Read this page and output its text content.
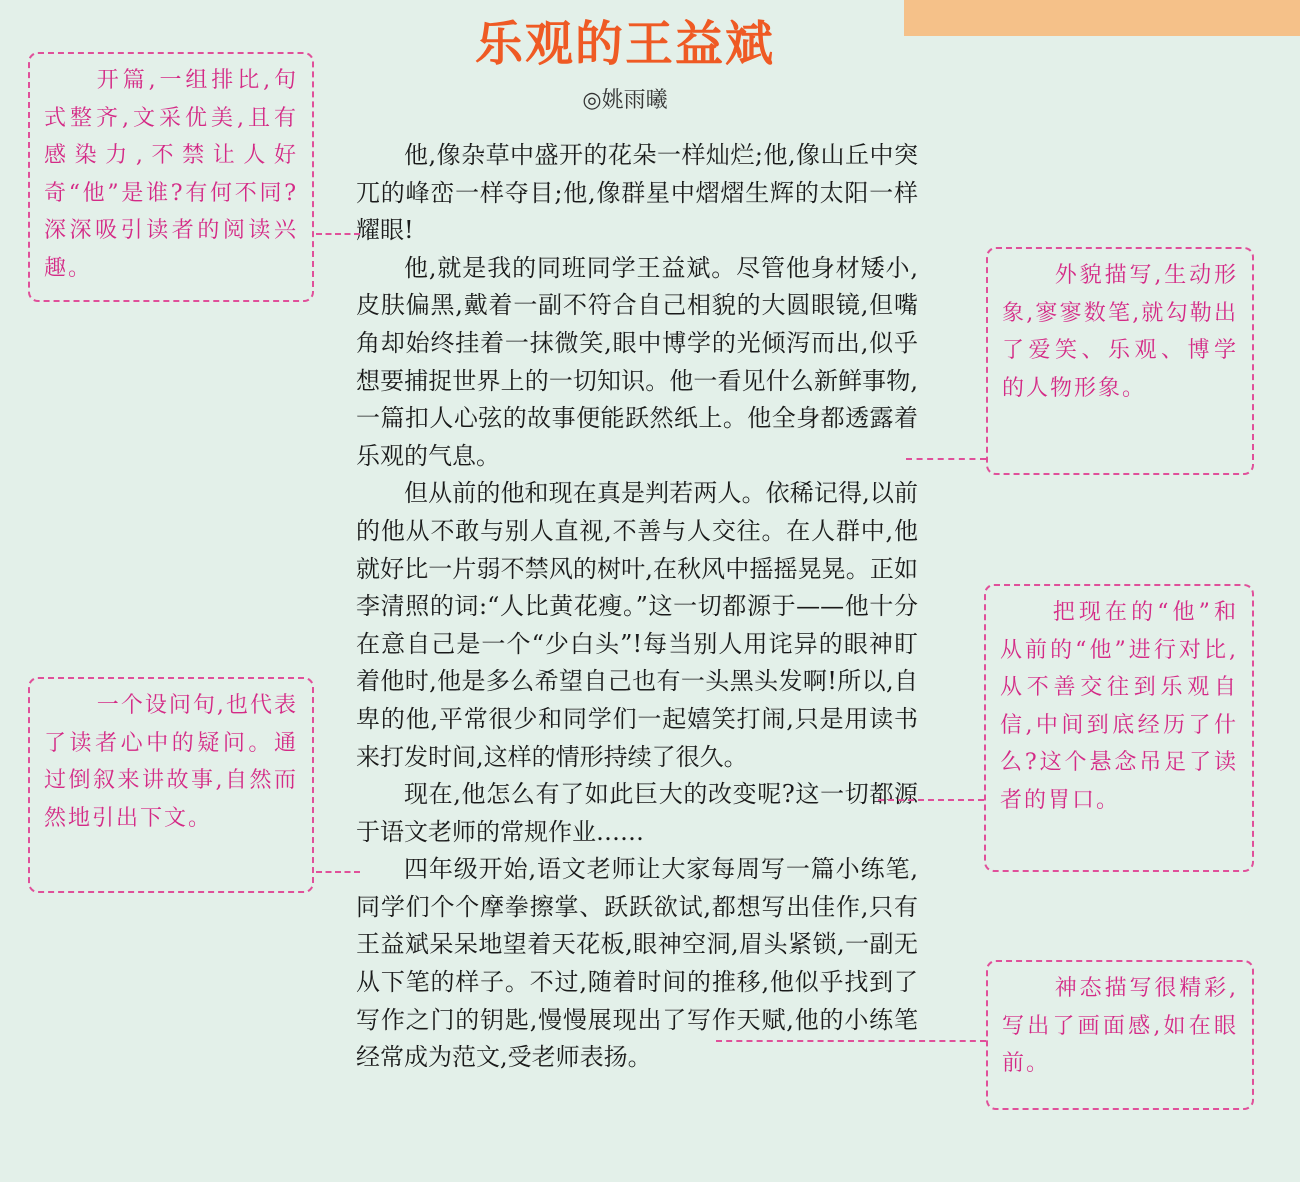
乐观的王益斌
◎姚雨曦

他,像杂草中盛开的花朵一样灿烂;他,像山丘中突兀的峰峦一样夺目;他,像群星中熠熠生辉的太阳一样耀眼!

他,就是我的同班同学王益斌。尽管他身材矮小,皮肤偏黑,戴着一副不符合自己相貌的大圆眼镜,但嘴角却始终挂着一抹微笑,眼中博学的光倾泻而出,似乎想要捕捉世界上的一切知识。他一看见什么新鲜事物,一篇扣人心弦的故事便能跃然纸上。他全身都透露着乐观的气息。

但从前的他和现在真是判若两人。依稀记得,以前的他从不敢与别人直视,不善与人交往。在人群中,他就好比一片弱不禁风的树叶,在秋风中摇摇晃晃。正如李清照的词:“人比黄花瘦。”这一切都源于——他十分在意自己是一个“少白头”!每当别人用诧异的眼神盯着他时,他是多么希望自己也有一头黑头发啊!所以,自卑的他,平常很少和同学们一起嬉笑打闹,只是用读书来打发时间,这样的情形持续了很久。

现在,他怎么有了如此巨大的改变呢?这一切都源于语文老师的常规作业……

四年级开始,语文老师让大家每周写一篇小练笔,同学们个个摩拳擦掌、跃跃欲试,都想写出佳作,只有王益斌呆呆地望着天花板,眼神空洞,眉头紧锁,一副无从下笔的样子。不过,随着时间的推移,他似乎找到了写作之门的钥匙,慢慢展现出了写作天赋,他的小练笔经常成为范文,受老师表扬。

开篇,一组排比,句式整齐,文采优美,且有感染力,不禁让人好奇“他”是谁?有何不同?深深吸引读者的阅读兴趣。
一个设问句,也代表了读者心中的疑问。通过倒叙来讲故事,自然而然地引出下文。
外貌描写,生动形象,寥寥数笔,就勾勒出了爱笑、乐观、博学的人物形象。
把现在的“他”和从前的“他”进行对比,从不善交往到乐观自信,中间到底经历了什么?这个悬念吊足了读者的胃口。
神态描写很精彩,写出了画面感,如在眼前。
